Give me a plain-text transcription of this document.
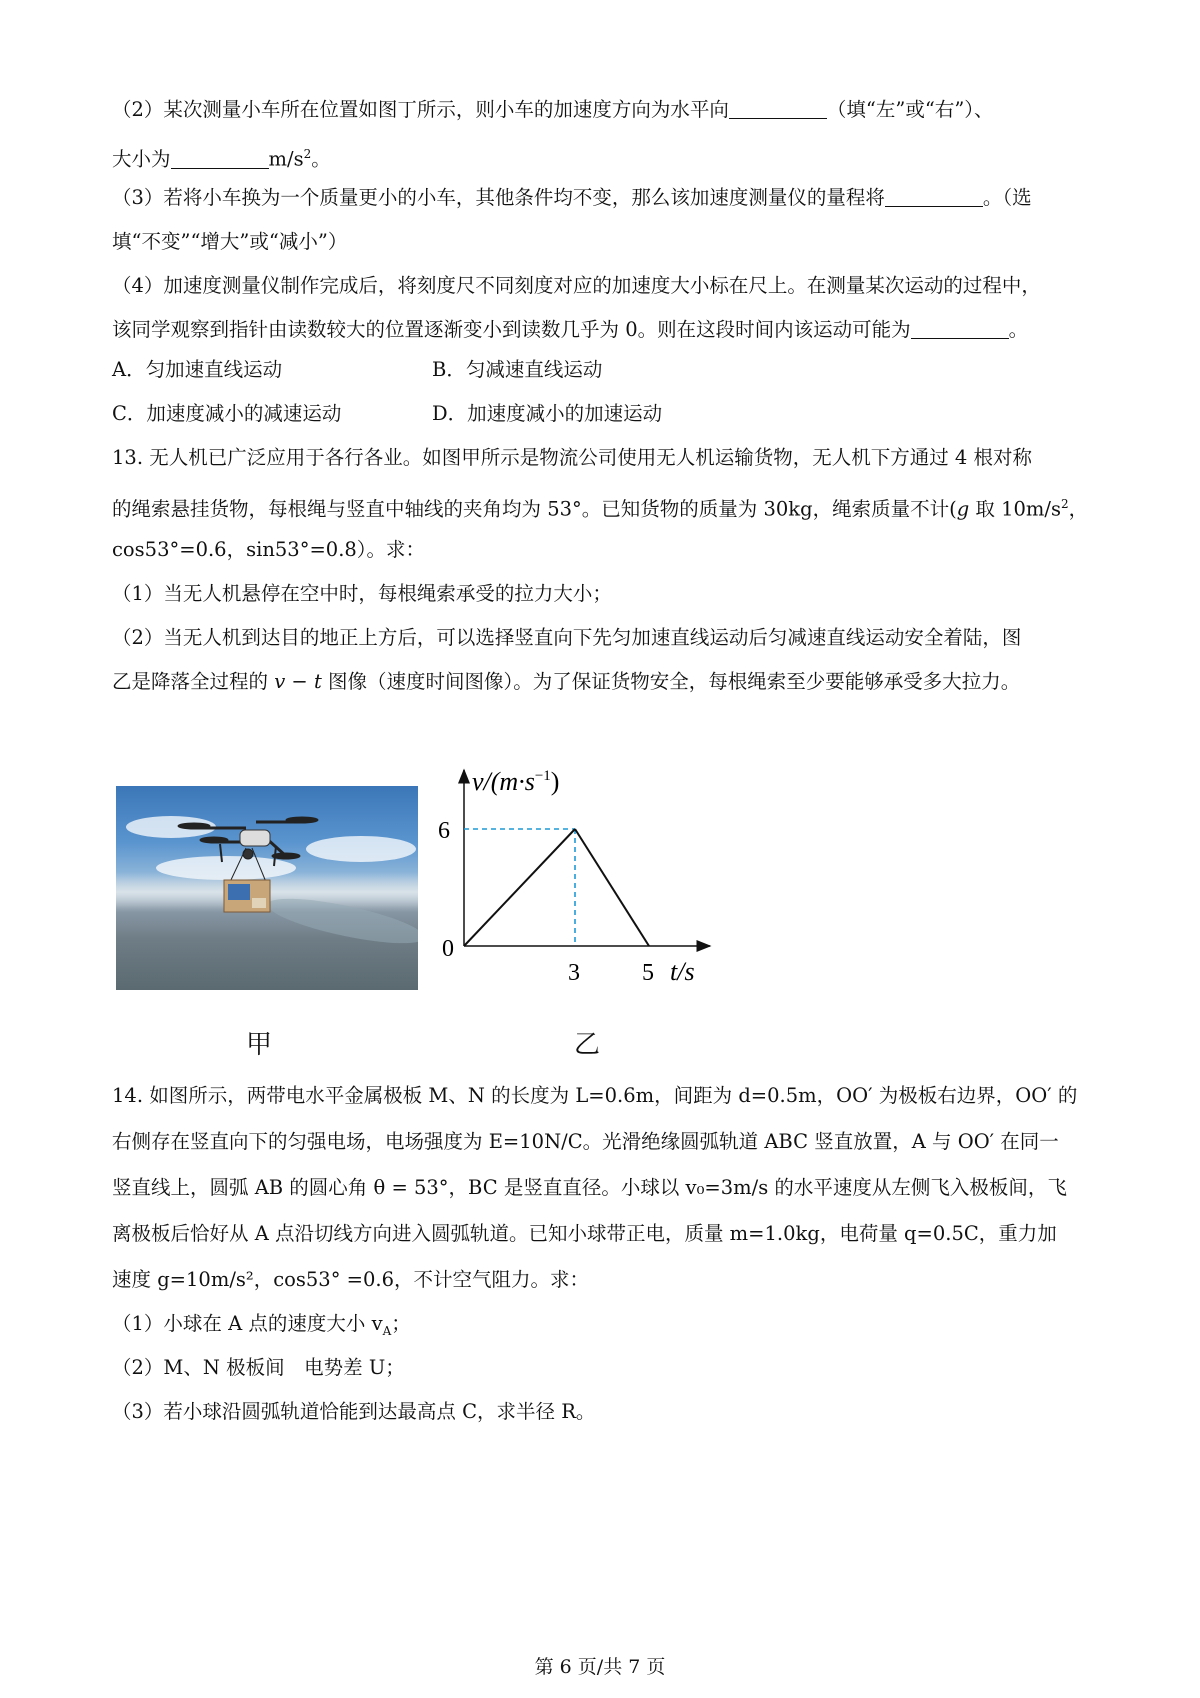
（2）某次测量小车所在位置如图丁所示，则小车的加速度方向为水平向	（填“左”或“右”）、
大小为	$m/s^2$。
（3）若将小车换为一个质量更小的小车，其他条件均不变，那么该加速度测量仪的量程将	。（选
填“不变”“增大”或“减小”）
（4）加速度测量仪制作完成后，将刻度尺不同刻度对应的加速度大小标在尺上。在测量某次运动的过程中，
该同学观察到指针由读数较大的位置逐渐变小到读数几乎为 0。则在这段时间内该运动可能为	。
A．匀加速直线运动	B．匀减速直线运动
C．加速度减小的减速运动	D．加速度减小的加速运动
13. 无人机已广泛应用于各行各业。如图甲所示是物流公司使用无人机运输货物，无人机下方通过 4 根对称
的绳索悬挂货物，每根绳与竖直中轴线的夹角均为 53°。已知货物的质量为 30kg，绳索质量不计(g 取 $10m/s^2$，
cos53°=0.6，sin53°=0.8）。求：
（1）当无人机悬停在空中时，每根绳索承受的拉力大小；
（2）当无人机到达目的地正上方后，可以选择竖直向下先匀加速直线运动后匀减速直线运动安全着陆，图
乙是降落全过程的 v − t 图像（速度时间图像）。为了保证货物安全，每根绳索至少要能够承受多大拉力。
甲
$v/(m\cdot s^{-1})$
t/s
0
3	5
6
乙
14. 如图所示，两带电水平金属极板 M、N 的长度为 L=0.6m，间距为 d=0.5m，OO′ 为极板右边界，OO′ 的
右侧存在竖直向下的匀强电场，电场强度为 E=10N/C。光滑绝缘圆弧轨道 ABC 竖直放置，A 与 OO′ 在同一
竖直线上，圆弧 AB 的圆心角 θ = 53°，BC 是竖直直径。小球以 v₀=3m/s 的水平速度从左侧飞入极板间，飞
离极板后恰好从 A 点沿切线方向进入圆弧轨道。已知小球带正电，质量 m=1.0kg，电荷量 q=0.5C，重力加
速度 g=10m/s²，cos53° =0.6，不计空气阻力。求：
（1）小球在 A 点的速度大小 $v_A$；
（2）M、N 极板间　电势差 U；
（3）若小球沿圆弧轨道恰能到达最高点 C，求半径 R。
第 6 页/共 7 页
